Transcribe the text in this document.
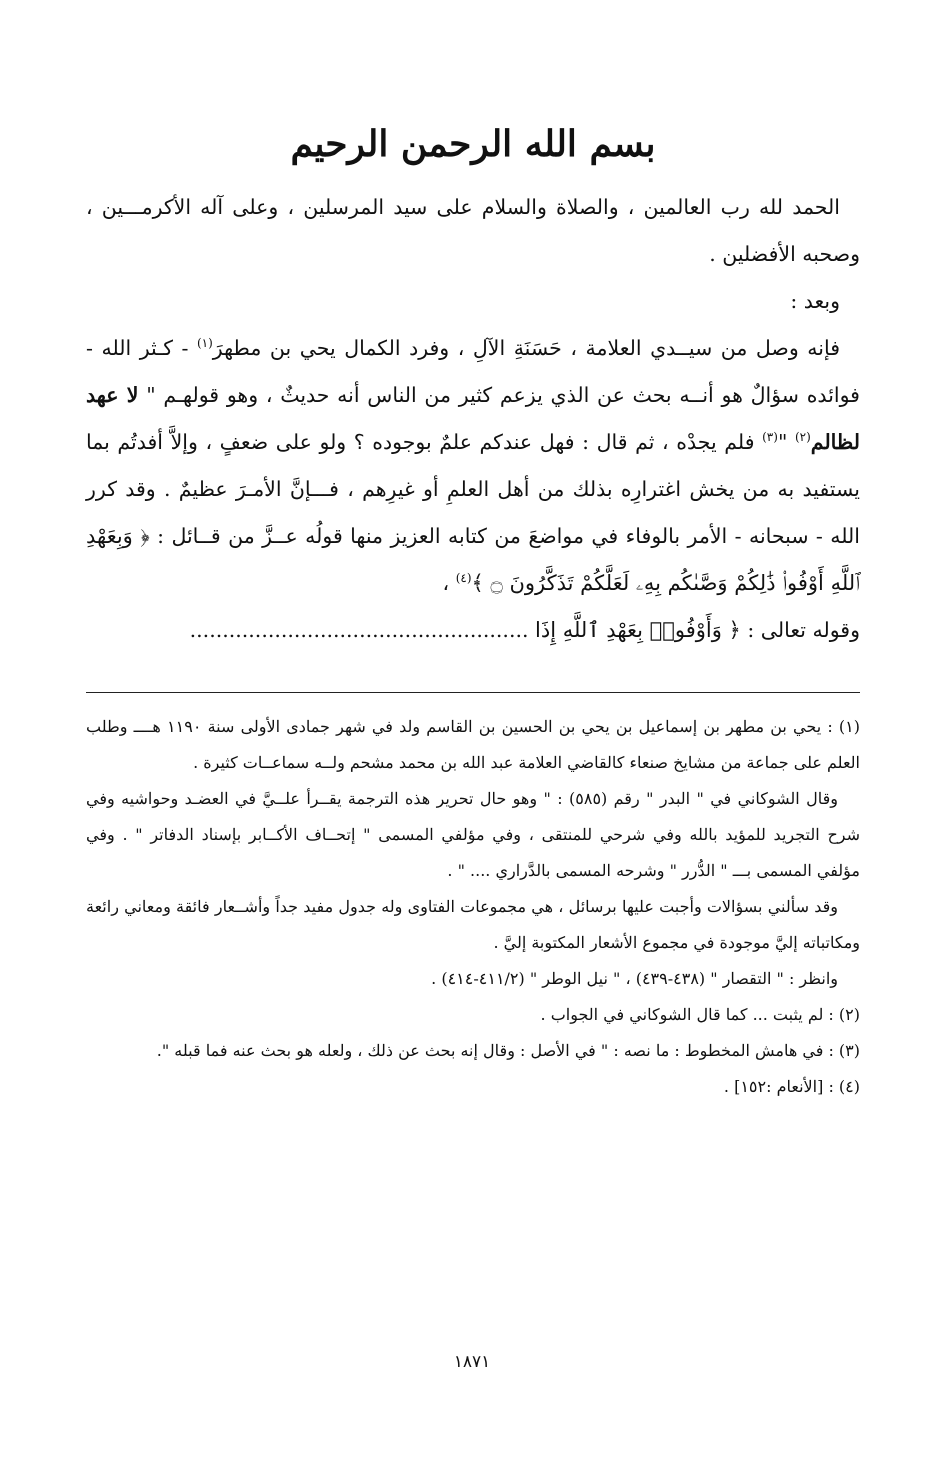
بسم الله الرحمن الرحيم

الحمد لله رب العالمين ، والصلاة والسلام على سيد المرسلين ، وعلى آله الأكرمـــين ، وصحبه الأفضلين .

وبعد :

فإنه وصل من سيــدي العلامة ، حَسَنَةِ الآلِ ، وفرد الكمال يحي بن مطهرَ$^{(١)}$ - كـثر الله - فوائده سؤالٌ هو أنــه بحث عن الذي يزعم كثير من الناس أنه حديثٌ ، وهو قولهـم " لا عهد لظالم$^{(٢)}$ "$^{(٣)}$ فلم يجدْه ، ثم قال : فهل عندكم علمٌ بوجوده ؟ ولو على ضعفٍ ، وإلاَّ أفدتُم بما يستفيد به من يخش اغترارِه بذلك من أهل العلمِ أو غيرِهم ، فـــإنَّ الأمـرَ عظيمٌ . وقد كرر الله - سبحانه - الأمر بالوفاء في مواضعَ من كتابه العزيز منها قولُه عــزَّ من قــائل : ﴿ وَبِعَهْدِ ٱللَّهِ أَوْفُوا۟ ذَٰلِكُمْ وَصَّىٰكُم بِهِۦ لَعَلَّكُمْ تَذَكَّرُونَ ۝ ﴾$^{(٤)}$ ،

وقوله تعالى : ﴿ وَأَوْفُوا۟ بِعَهْدِ ٱللَّهِ إِذَا ....................................................

(١) : يحي بن مطهر بن إسماعيل بن يحي بن الحسين بن القاسم ولد في شهر جمادى الأولى سنة ١١٩٠ هــــ وطلب العلم على جماعة من مشايخ صنعاء كالقاضي العلامة عبد الله بن محمد مشحم ولــه سماعــات كثيرة .

وقال الشوكاني في " البدر " رقم (٥٨٥) : " وهو حال تحرير هذه الترجمة يقــرأ علــيَّ في العضـد وحواشيه وفي شرح التجريد للمؤيد بالله وفي شرحي للمنتقى ، وفي مؤلفي المسمى " إتحــاف الأكــابر بإسناد الدفاتر " . وفي مؤلفي المسمى بـــ " الدُّرر " وشرحه المسمى بالدَّراري .... " .

وقد سألني بسؤالات وأجبت عليها برسائل ، هي مجموعات الفتاوى وله جدول مفيد جداً وأشــعار فائقة ومعاني رائعة ومكاتباته إليَّ موجودة في مجموع الأشعار المكتوبة إليَّ .

وانظر : " التقصار " (٤٣٨-٤٣٩) ، " نيل الوطر " (٤١١/٢-٤١٤) .

(٢) : لم يثبت ... كما قال الشوكاني في الجواب .

(٣) : في هامش المخطوط : ما نصه : " في الأصل : وقال إنه بحث عن ذلك ، ولعله هو بحث عنه فما قبله ".

(٤) : [الأنعام :١٥٢] .

١٨٧١
